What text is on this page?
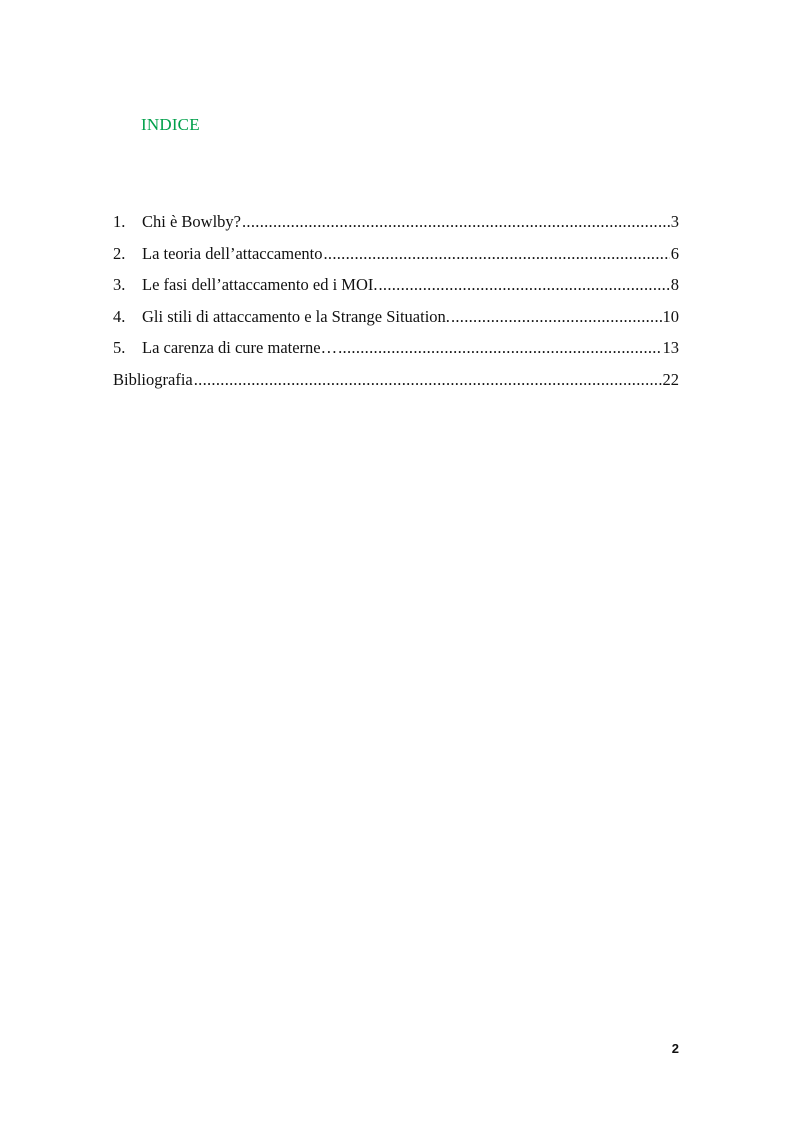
INDICE
1.	Chi è Bowlby? .....	3
2.	La teoria dell’attaccamento .....	6
3.	Le fasi dell’attaccamento ed i MOI. .....	8
4.	Gli stili di attaccamento e la Strange Situation. .....	10
5.	La carenza di cure materne… .....	13
Bibliografia .....	22
2
